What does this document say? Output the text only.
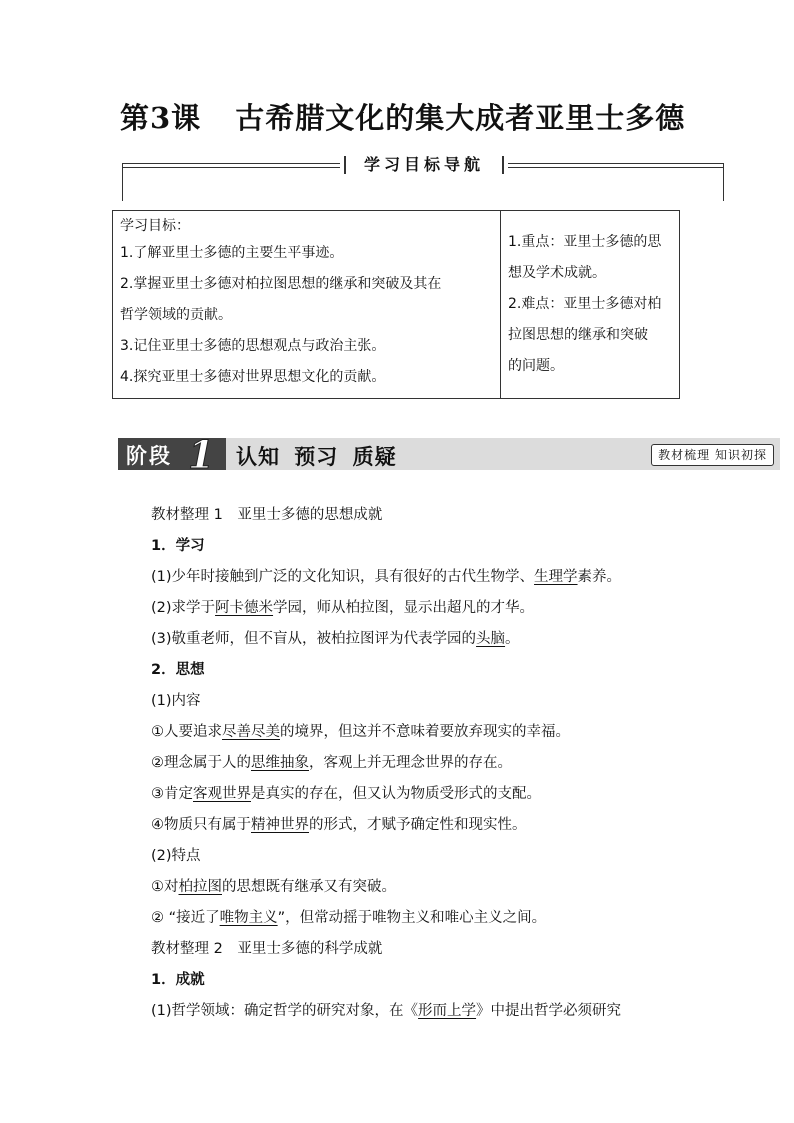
第3课 古希腊文化的集大成者亚里士多德
学习目标导航
学习目标：
1.了解亚里士多德的主要生平事迹。
2.掌握亚里士多德对柏拉图思想的继承和突破及其在
哲学领域的贡献。
3.记住亚里士多德的思想观点与政治主张。
4.探究亚里士多德对世界思想文化的贡献。
1.重点：亚里士多德的思
想及学术成就。
2.难点：亚里士多德对柏
拉图思想的继承和突破
的问题。
阶段 1	认知 预习 质疑	教材梳理 知识初探
教材整理 1　亚里士多德的思想成就
1．学习
(1)少年时接触到广泛的文化知识，具有很好的古代生物学、生理学素养。
(2)求学于阿卡德米学园，师从柏拉图，显示出超凡的才华。
(3)敬重老师，但不盲从，被柏拉图评为代表学园的头脑。
2．思想
(1)内容
①人要追求尽善尽美的境界，但这并不意味着要放弃现实的幸福。
②理念属于人的思维抽象，客观上并无理念世界的存在。
③肯定客观世界是真实的存在，但又认为物质受形式的支配。
④物质只有属于精神世界的形式，才赋予确定性和现实性。
(2)特点
①对柏拉图的思想既有继承又有突破。
② “接近了唯物主义”，但常动摇于唯物主义和唯心主义之间。
教材整理 2　亚里士多德的科学成就
1．成就
(1)哲学领域：确定哲学的研究对象，在《形而上学》中提出哲学必须研究
